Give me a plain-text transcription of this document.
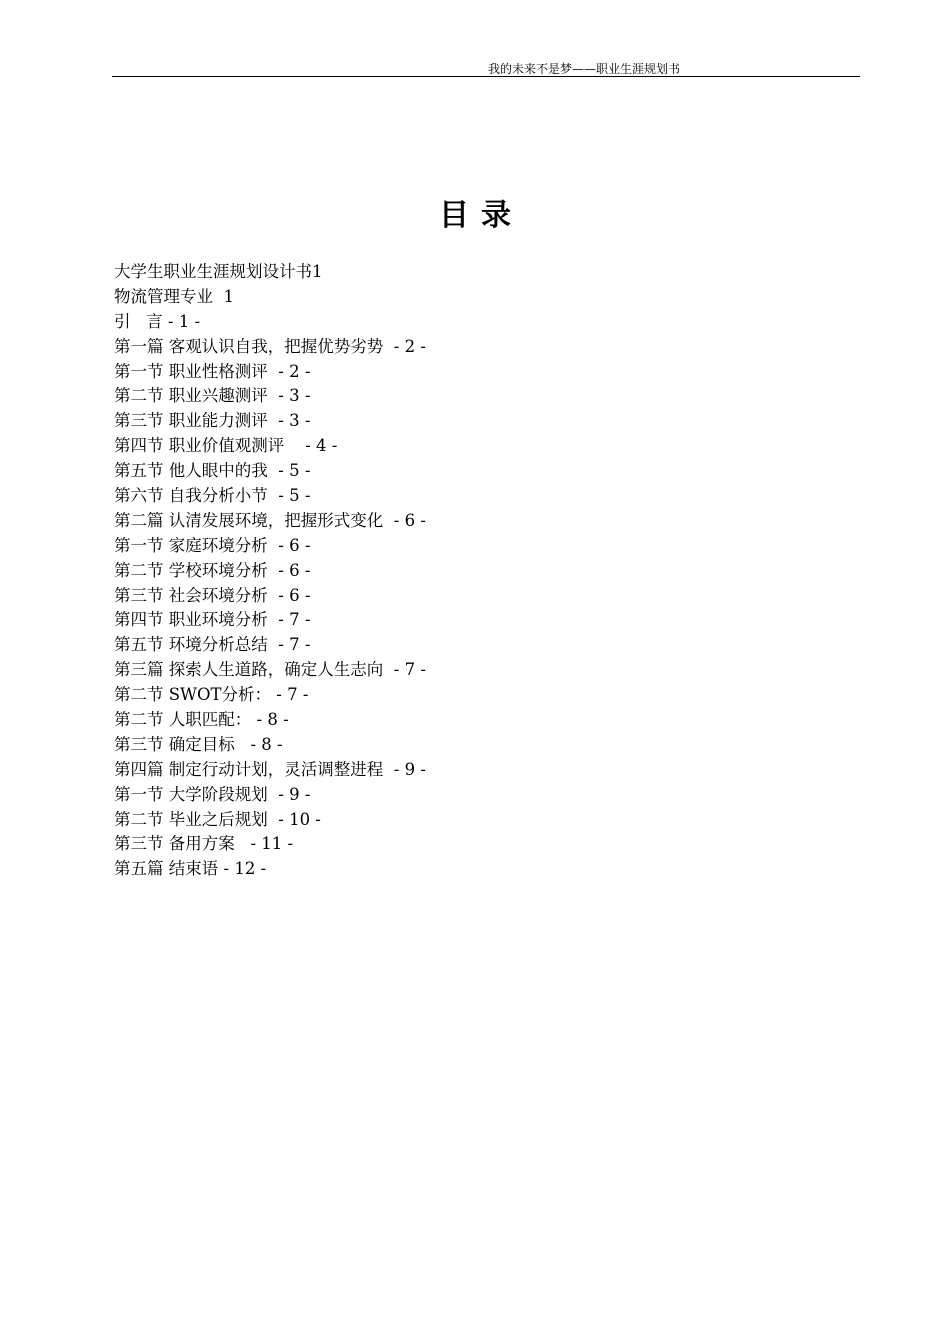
我的未来不是梦——职业生涯规划书
目录
大学生职业生涯规划设计书1
物流管理专业  1
引   言 - 1 -
第一篇 客观认识自我，把握优势劣势  - 2 -
第一节 职业性格测评  - 2 -
第二节 职业兴趣测评  - 3 -
第三节 职业能力测评  - 3 -
第四节 职业价值观测评    - 4 -
第五节 他人眼中的我  - 5 -
第六节 自我分析小节  - 5 -
第二篇 认清发展环境，把握形式变化  - 6 -
第一节 家庭环境分析  - 6 -
第二节 学校环境分析  - 6 -
第三节 社会环境分析  - 6 -
第四节 职业环境分析  - 7 -
第五节 环境分析总结  - 7 -
第三篇 探索人生道路，确定人生志向  - 7 -
第二节 SWOT分析： - 7 -
第二节 人职匹配： - 8 -
第三节 确定目标   - 8 -
第四篇 制定行动计划，灵活调整进程  - 9 -
第一节 大学阶段规划  - 9 -
第二节 毕业之后规划  - 10 -
第三节 备用方案   - 11 -
第五篇 结束语 - 12 -
